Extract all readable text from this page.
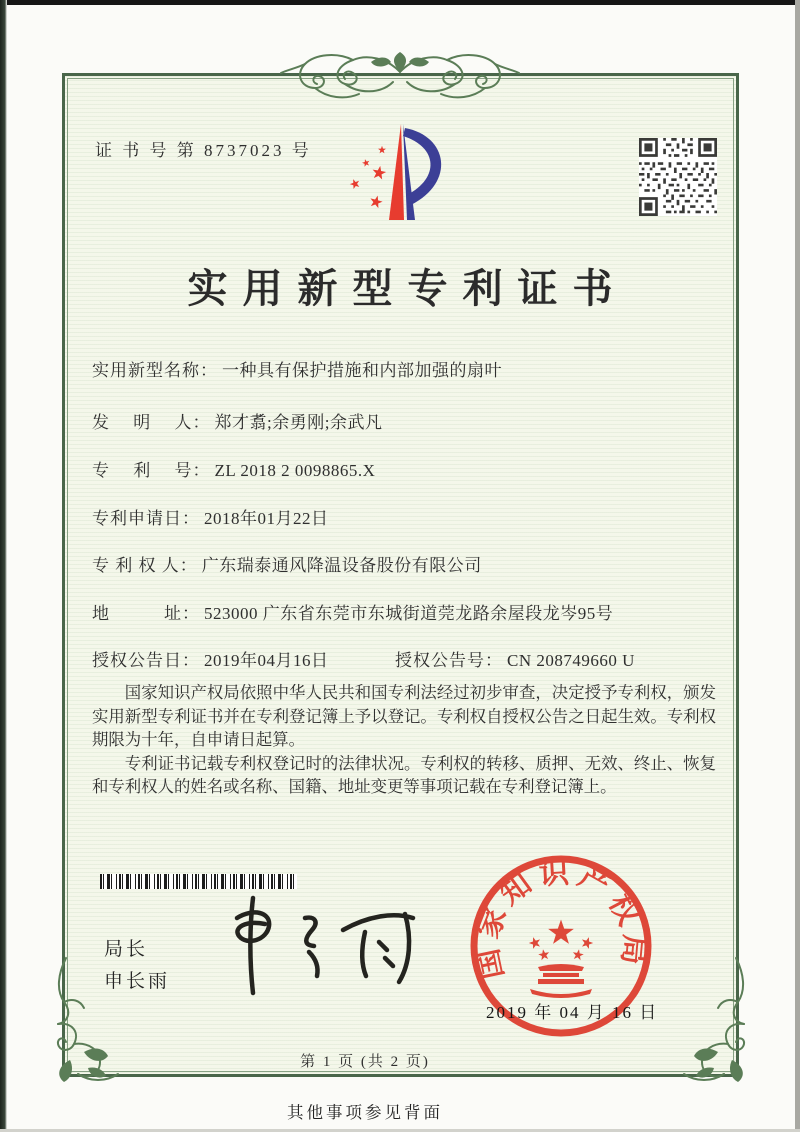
证 书 号 第 8737023 号
实用新型专利证书
实用新型名称： 一种具有保护措施和内部加强的扇叶
发　 明　 人： 郑才翥;余勇刚;余武凡
专　 利　 号： ZL 2018 2 0098865.X
专利申请日： 2018年01月22日
专 利 权 人： 广东瑞泰通风降温设备股份有限公司
地　　　址： 523000 广东省东莞市东城街道莞龙路余屋段龙岑95号
授权公告日： 2019年04月16日	授权公告号： CN 208749660 U

国家知识产权局依照中华人民共和国专利法经过初步审查，决定授予专利权，颁发实用新型专利证书并在专利登记簿上予以登记。专利权自授权公告之日起生效。专利权期限为十年，自申请日起算。

专利证书记载专利权登记时的法律状况。专利权的转移、质押、无效、终止、恢复和专利权人的姓名或名称、国籍、地址变更等事项记载在专利登记簿上。

局长
申长雨	国家知识产权局
2019 年 04 月 16 日
第 1 页 (共 2 页)
其他事项参见背面
